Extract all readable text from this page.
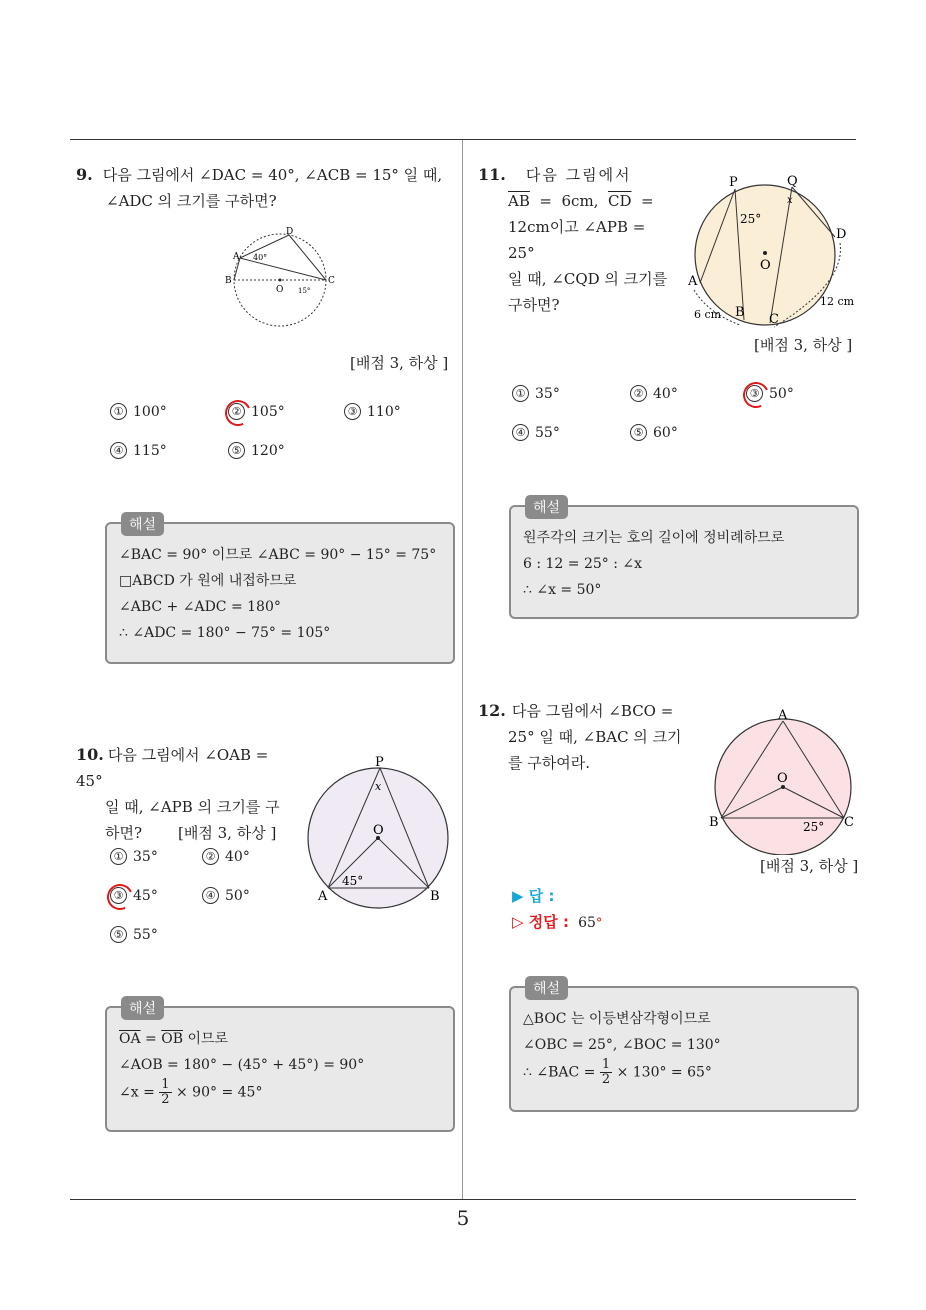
5
9. 다음 그림에서 ∠DAC = 40°, ∠ACB = 15° 일 때,
∠ADC 의 크기를 구하면?
A
B	C
D
O
40°
15°
[배점 3, 하상 ]
① 100°	② 105°	③ 110°
④ 115°	⑤ 120°
해설
∠BAC = 90° 이므로 ∠ABC = 90° − 15° = 75°
□ABCD 가 원에 내접하므로
∠ABC + ∠ADC = 180°
∴ ∠ADC = 180° − 75° = 105°
10. 다음 그림에서 ∠OAB = 45°
일 때, ∠APB 의 크기를 구
하면? [배점 3, 하상 ]
P
O
A	B
x
45°
① 35°	② 40°
③ 45°	④ 50°
⑤ 55°
해설
$\overline{OA} = \overline{OB}$ 이므로
∠AOB = 180° − (45° + 45°) = 90°
∠x = $\frac{1}{2} \times 90^\circ = 45^\circ$
11. 다음 그림에서
$\overline{AB} = 6cm$,  $\overline{CD}$  =
12cm이고 ∠APB = 25°
일 때, ∠CQD 의 크기를
구하면?
P	Q
D
A
B C
O
25°
x
6 cm
12 cm
[배점 3, 하상 ]
① 35°	② 40°	③ 50°
④ 55°	⑤ 60°
해설
원주각의 크기는 호의 길이에 정비례하므로
6 : 12 = 25° : ∠x
∴ ∠x = 50°
12. 다음 그림에서 ∠BCO =
25° 일 때, ∠BAC 의 크기
를 구하여라.
A
O
B	C
25°
[배점 3, 하상 ]
▶ 답 :
▷ 정답 : 65°
해설
△BOC 는 이등변삼각형이므로
∠OBC = 25°, ∠BOC = 130°
∴ ∠BAC = $\frac{1}{2} \times 130^\circ = 65^\circ$
